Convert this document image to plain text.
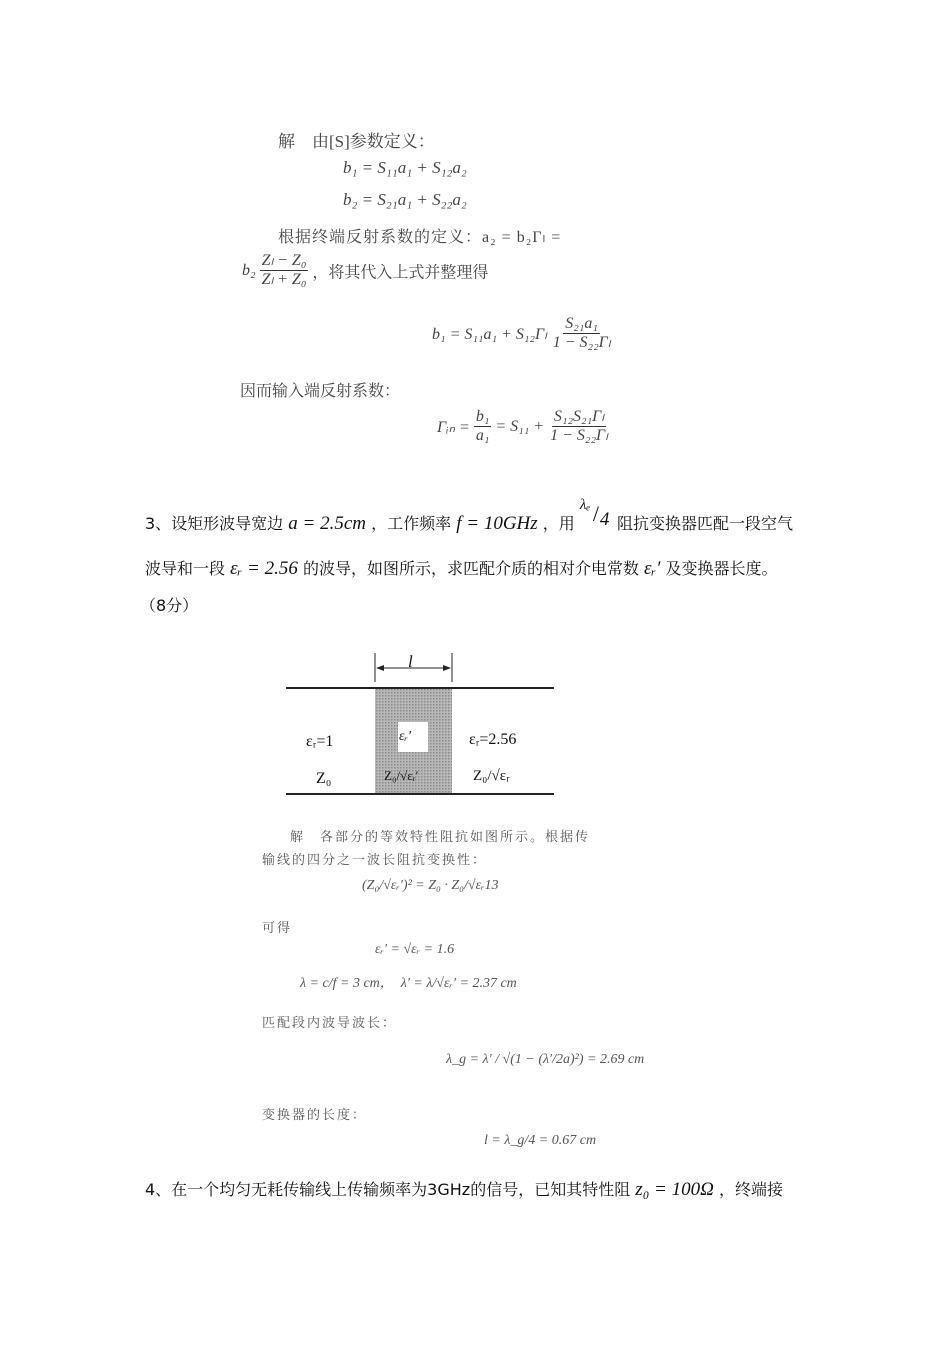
解　由[S]参数定义：
b₁ = S₁₁a₁ + S₁₂a₂
b₂ = S₂₁a₁ + S₂₂a₂
根据终端反射系数的定义：a₂ = b₂Γₗ =
$b_2 \frac{\text{Zₗ − Z₀}}{\text{Zₗ + Z₀}}$ ，将其代入上式并整理得
$b_1 = S_{11}a_1 + S_{12}\Gamma_l \frac{\text{S₂₁a₁}}{\text{1 − S₂₂Γₗ}}$
因而输入端反射系数：
Γᵢₙ = $\frac{\text{b₁}}{\text{a₁}} = S_{11} + \frac{\text{S₁₂S₂₁Γₗ}}{\text{1 − S₂₂Γₗ}}$
3、设矩形波导宽边 a = 2.5cm ，工作频率 f = 10GHz ，用
λₑ / 4 阻抗变换器匹配一段空气
波导和一段 εᵣ = 2.56 的波导，如图所示，求匹配介质的相对介电常数 εᵣ′ 及变换器长度。
（8分）
l
εᵣ=1
Z₀
εᵣ′
Z₀/√εᵣ′
εᵣ=2.56
Z₀/√εᵣ
解　各部分的等效特性阻抗如图所示。根据传
输线的四分之一波长阻抗变换性：
(Z₀/√εᵣ′)² = Z₀ · Z₀/√εᵣ13
可得
εᵣ′ = √εᵣ = 1.6
λ = c/f = 3 cm，　λ′ = λ/√εᵣ′ = 2.37 cm
匹配段内波导波长：
λ_g = λ′ / √(1 − (λ′/2a)²) = 2.69 cm
变换器的长度：
l = λ_g/4 = 0.67 cm
4、在一个均匀无耗传输线上传输频率为3GHz的信号，已知其特性阻 z₀ = 100Ω ，终端接
